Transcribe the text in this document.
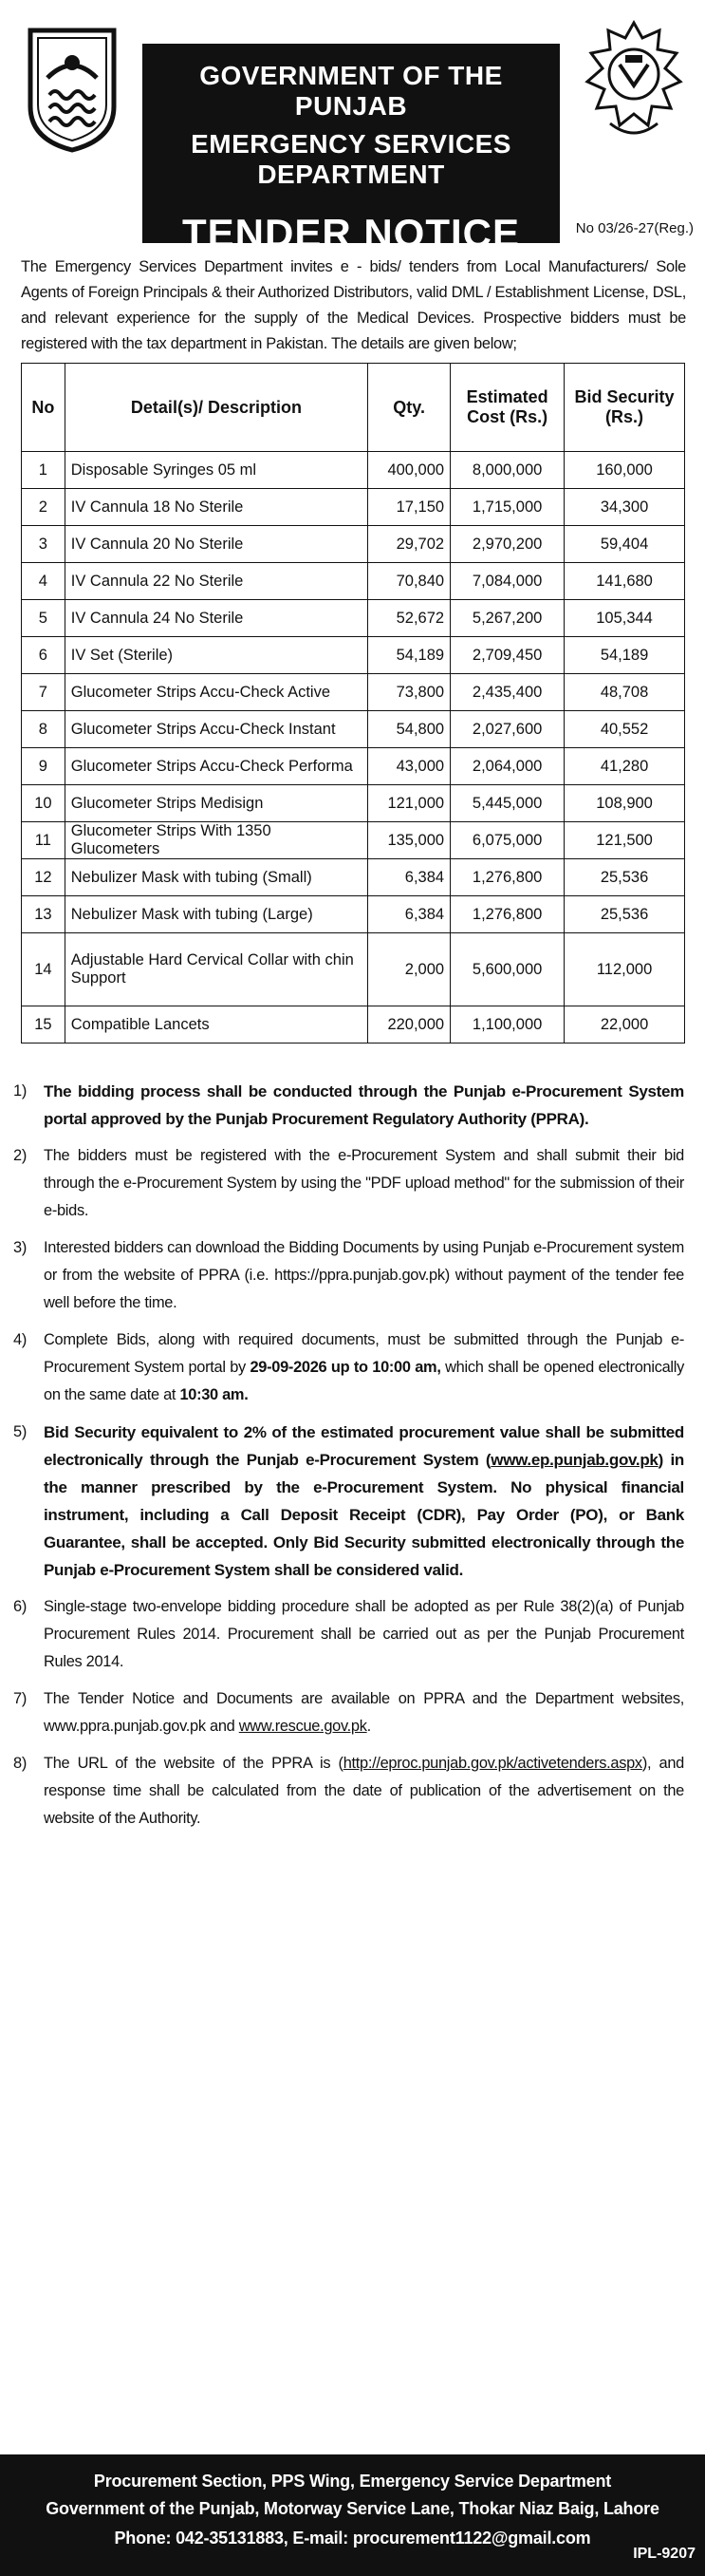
GOVERNMENT OF THE PUNJAB
EMERGENCY SERVICES DEPARTMENT
TENDER NOTICE	No 03/26-27(Reg.)
The Emergency Services Department invites e - bids/ tenders from Local Manufacturers/ Sole Agents of Foreign Principals & their Authorized Distributors, valid DML / Establishment License, DSL, and relevant experience for the supply of the Medical Devices. Prospective bidders must be registered with the tax department in Pakistan. The details are given below;
No	Detail(s)/ Description	Qty.	Estimated Cost (Rs.)	Bid Security (Rs.)
1	Disposable Syringes 05 ml	400,000	8,000,000	160,000
2	IV Cannula 18 No Sterile	17,150	1,715,000	34,300
3	IV Cannula 20 No Sterile	29,702	2,970,200	59,404
4	IV Cannula 22 No Sterile	70,840	7,084,000	141,680
5	IV Cannula 24 No Sterile	52,672	5,267,200	105,344
6	IV Set (Sterile)	54,189	2,709,450	54,189
7	Glucometer Strips Accu-Check Active	73,800	2,435,400	48,708
8	Glucometer Strips Accu-Check Instant	54,800	2,027,600	40,552
9	Glucometer Strips Accu-Check Performa	43,000	2,064,000	41,280
10	Glucometer Strips Medisign	121,000	5,445,000	108,900
11	Glucometer Strips With 1350 Glucometers	135,000	6,075,000	121,500
12	Nebulizer Mask with tubing (Small)	6,384	1,276,800	25,536
13	Nebulizer Mask with tubing (Large)	6,384	1,276,800	25,536
14	Adjustable Hard Cervical Collar with chin Support	2,000	5,600,000	112,000
15	Compatible Lancets	220,000	1,100,000	22,000
1)	The bidding process shall be conducted through the Punjab e-Procurement System portal approved by the Punjab Procurement Regulatory Authority (PPRA).
2)	The bidders must be registered with the e-Procurement System and shall submit their bid through the e-Procurement System by using the "PDF upload method" for the submission of their e-bids.
3)	Interested bidders can download the Bidding Documents by using Punjab e-Procurement system or from the website of PPRA (i.e. https://ppra.punjab.gov.pk) without payment of the tender fee well before the time.
4)	Complete Bids, along with required documents, must be submitted through the Punjab e-Procurement System portal by 29-09-2026 up to 10:00 am, which shall be opened electronically on the same date at 10:30 am.
5)	Bid Security equivalent to 2% of the estimated procurement value shall be submitted electronically through the Punjab e-Procurement System (www.ep.punjab.gov.pk) in the manner prescribed by the e-Procurement System. No physical financial instrument, including a Call Deposit Receipt (CDR), Pay Order (PO), or Bank Guarantee, shall be accepted. Only Bid Security submitted electronically through the Punjab e-Procurement System shall be considered valid.
6)	Single-stage two-envelope bidding procedure shall be adopted as per Rule 38(2)(a) of Punjab Procurement Rules 2014. Procurement shall be carried out as per the Punjab Procurement Rules 2014.
7)	The Tender Notice and Documents are available on PPRA and the Department websites, www.ppra.punjab.gov.pk and www.rescue.gov.pk.
8)	The URL of the website of the PPRA is (http://eproc.punjab.gov.pk/activetenders.aspx), and response time shall be calculated from the date of publication of the advertisement on the website of the Authority.
Procurement Section, PPS Wing, Emergency Service Department
Government of the Punjab, Motorway Service Lane, Thokar Niaz Baig, Lahore
Phone: 042-35131883, E-mail: procurement1122@gmail.com
IPL-9207
